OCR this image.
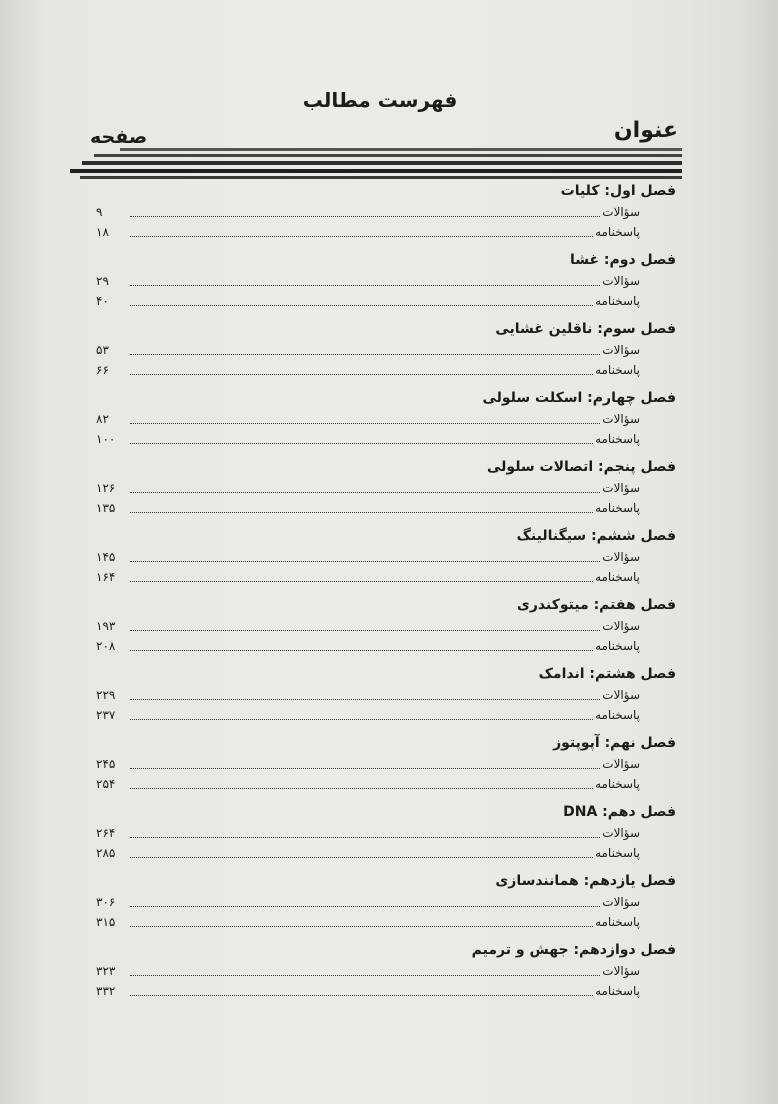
فهرست مطالب
عنوان
صفحه
فصل اول: کلیات
سؤالات
۹
پاسخنامه
۱۸
فصل دوم: غشا
سؤالات
۲۹
پاسخنامه
۴۰
فصل سوم: ناقلین غشایی
سؤالات
۵۳
پاسخنامه
۶۶
فصل چهارم: اسکلت سلولی
سؤالات
۸۲
پاسخنامه
۱۰۰
فصل پنجم: اتصالات سلولی
سؤالات
۱۲۶
پاسخنامه
۱۳۵
فصل ششم: سیگنالینگ
سؤالات
۱۴۵
پاسخنامه
۱۶۴
فصل هفتم: میتوکندری
سؤالات
۱۹۳
پاسخنامه
۲۰۸
فصل هشتم: اندامک
سؤالات
۲۲۹
پاسخنامه
۲۳۷
فصل نهم: آپوپتوز
سؤالات
۲۴۵
پاسخنامه
۲۵۴
فصل دهم: DNA
سؤالات
۲۶۴
پاسخنامه
۲۸۵
فصل یازدهم: همانندسازی
سؤالات
۳۰۶
پاسخنامه
۳۱۵
فصل دوازدهم: جهش و ترمیم
سؤالات
۳۲۳
پاسخنامه
۳۳۲
